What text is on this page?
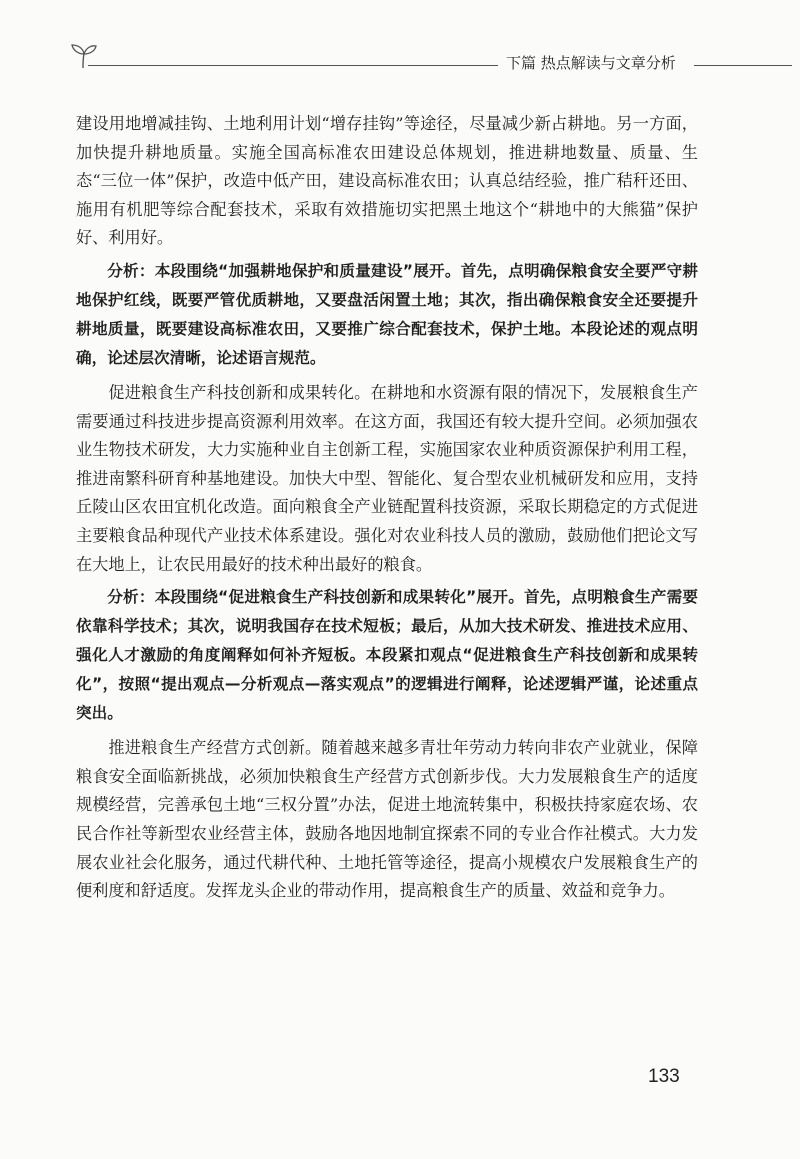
下篇 热点解读与文章分析

建设用地增减挂钩、土地利用计划“增存挂钩”等途径，尽量减少新占耕地。另一方面，加快提升耕地质量。实施全国高标准农田建设总体规划，推进耕地数量、质量、生态“三位一体”保护，改造中低产田，建设高标准农田；认真总结经验，推广秸秆还田、施用有机肥等综合配套技术，采取有效措施切实把黑土地这个“耕地中的大熊猫”保护好、利用好。

分析：本段围绕“加强耕地保护和质量建设”展开。首先，点明确保粮食安全要严守耕地保护红线，既要严管优质耕地，又要盘活闲置土地；其次，指出确保粮食安全还要提升耕地质量，既要建设高标准农田，又要推广综合配套技术，保护土地。本段论述的观点明确，论述层次清晰，论述语言规范。

促进粮食生产科技创新和成果转化。在耕地和水资源有限的情况下，发展粮食生产需要通过科技进步提高资源利用效率。在这方面，我国还有较大提升空间。必须加强农业生物技术研发，大力实施种业自主创新工程，实施国家农业种质资源保护利用工程，推进南繁科研育种基地建设。加快大中型、智能化、复合型农业机械研发和应用，支持丘陵山区农田宜机化改造。面向粮食全产业链配置科技资源，采取长期稳定的方式促进主要粮食品种现代产业技术体系建设。强化对农业科技人员的激励，鼓励他们把论文写在大地上，让农民用最好的技术种出最好的粮食。

分析：本段围绕“促进粮食生产科技创新和成果转化”展开。首先，点明粮食生产需要依靠科学技术；其次，说明我国存在技术短板；最后，从加大技术研发、推进技术应用、强化人才激励的角度阐释如何补齐短板。本段紧扣观点“促进粮食生产科技创新和成果转化”，按照“提出观点—分析观点—落实观点”的逻辑进行阐释，论述逻辑严谨，论述重点突出。

推进粮食生产经营方式创新。随着越来越多青壮年劳动力转向非农产业就业，保障粮食安全面临新挑战，必须加快粮食生产经营方式创新步伐。大力发展粮食生产的适度规模经营，完善承包土地“三权分置”办法，促进土地流转集中，积极扶持家庭农场、农民合作社等新型农业经营主体，鼓励各地因地制宜探索不同的专业合作社模式。大力发展农业社会化服务，通过代耕代种、土地托管等途径，提高小规模农户发展粮食生产的便利度和舒适度。发挥龙头企业的带动作用，提高粮食生产的质量、效益和竞争力。

133
